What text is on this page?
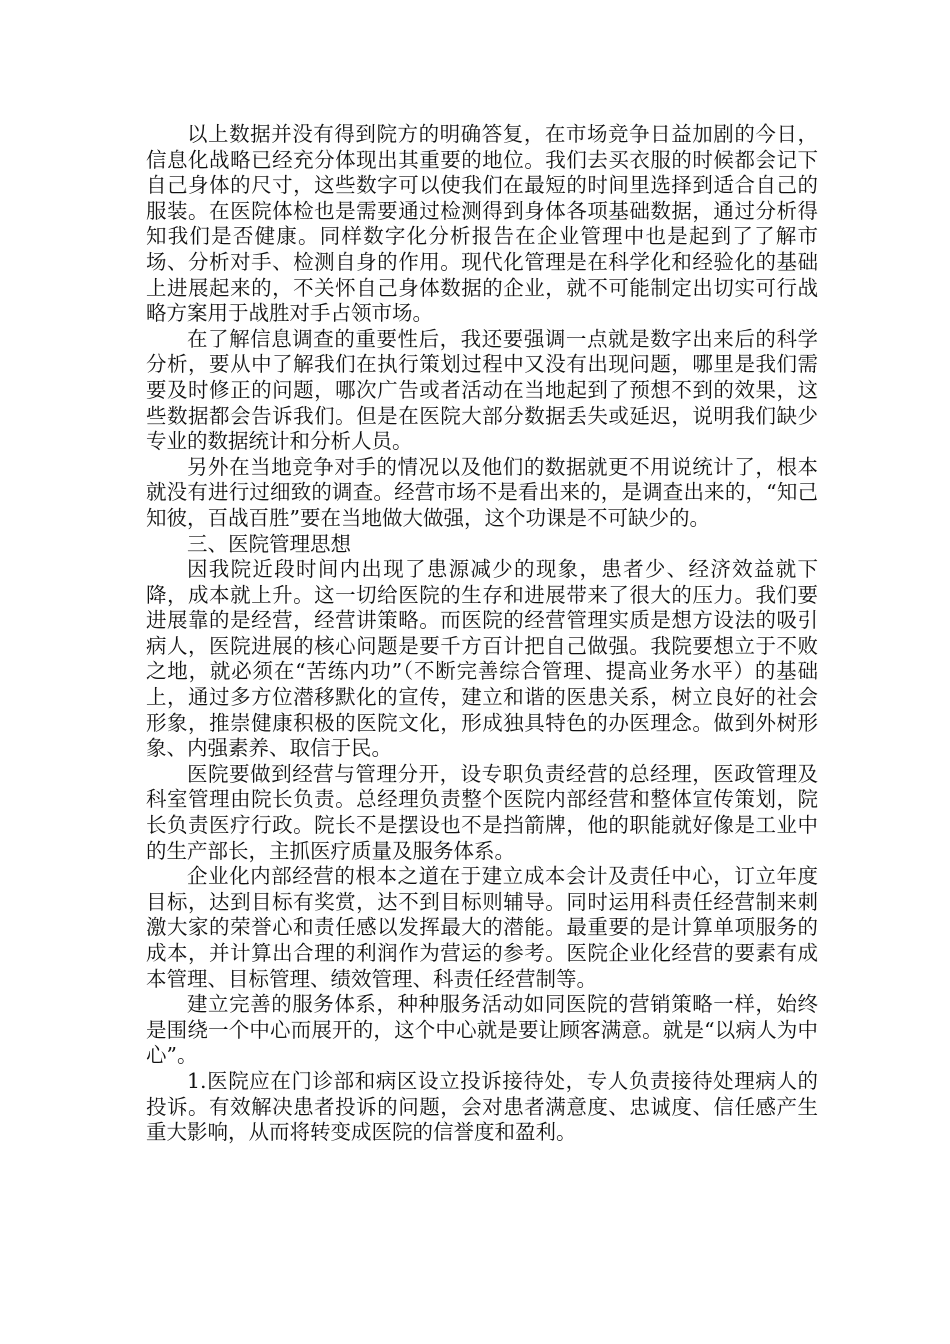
以上数据并没有得到院方的明确答复，在市场竞争日益加剧的今日，信息化战略已经充分体现出其重要的地位。我们去买衣服的时候都会记下自己身体的尺寸，这些数字可以使我们在最短的时间里选择到适合自己的服装。在医院体检也是需要通过检测得到身体各项基础数据，通过分析得知我们是否健康。同样数字化分析报告在企业管理中也是起到了了解市场、分析对手、检测自身的作用。现代化管理是在科学化和经验化的基础上进展起来的，不关怀自己身体数据的企业，就不可能制定出切实可行战略方案用于战胜对手占领市场。

在了解信息调查的重要性后，我还要强调一点就是数字出来后的科学分析，要从中了解我们在执行策划过程中又没有出现问题，哪里是我们需要及时修正的问题，哪次广告或者活动在当地起到了预想不到的效果，这些数据都会告诉我们。但是在医院大部分数据丢失或延迟，说明我们缺少专业的数据统计和分析人员。

另外在当地竞争对手的情况以及他们的数据就更不用说统计了，根本就没有进行过细致的调查。经营市场不是看出来的，是调查出来的，“知己知彼，百战百胜”要在当地做大做强，这个功课是不可缺少的。

三、医院管理思想

因我院近段时间内出现了患源减少的现象，患者少、经济效益就下降，成本就上升。这一切给医院的生存和进展带来了很大的压力。我们要进展靠的是经营，经营讲策略。而医院的经营管理实质是想方设法的吸引病人，医院进展的核心问题是要千方百计把自己做强。我院要想立于不败之地，就必须在“苦练内功”（不断完善综合管理、提高业务水平）的基础上，通过多方位潜移默化的宣传，建立和谐的医患关系，树立良好的社会形象，推崇健康积极的医院文化，形成独具特色的办医理念。做到外树形象、内强素养、取信于民。

医院要做到经营与管理分开，设专职负责经营的总经理，医政管理及科室管理由院长负责。总经理负责整个医院内部经营和整体宣传策划，院长负责医疗行政。院长不是摆设也不是挡箭牌，他的职能就好像是工业中的生产部长，主抓医疗质量及服务体系。

企业化内部经营的根本之道在于建立成本会计及责任中心，订立年度目标，达到目标有奖赏，达不到目标则辅导。同时运用科责任经营制来刺激大家的荣誉心和责任感以发挥最大的潜能。最重要的是计算单项服务的成本，并计算出合理的利润作为营运的参考。医院企业化经营的要素有成本管理、目标管理、绩效管理、科责任经营制等。

建立完善的服务体系，种种服务活动如同医院的营销策略一样，始终是围绕一个中心而展开的，这个中心就是要让顾客满意。就是“以病人为中心”。

1.医院应在门诊部和病区设立投诉接待处，专人负责接待处理病人的投诉。有效解决患者投诉的问题，会对患者满意度、忠诚度、信任感产生重大影响，从而将转变成医院的信誉度和盈利。
